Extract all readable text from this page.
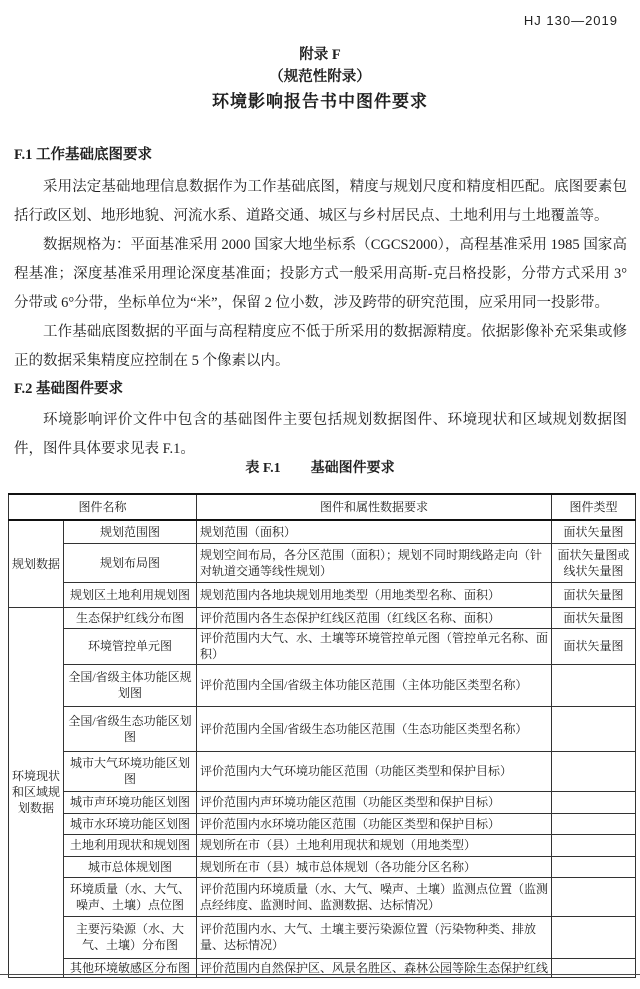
HJ 130—2019
附录 F
（规范性附录）
环境影响报告书中图件要求
F.1 工作基础底图要求

采用法定基础地理信息数据作为工作基础底图，精度与规划尺度和精度相匹配。底图要素包括行政区划、地形地貌、河流水系、道路交通、城区与乡村居民点、土地利用与土地覆盖等。

数据规格为：平面基准采用 2000 国家大地坐标系（CGCS2000），高程基准采用 1985 国家高程基准；深度基准采用理论深度基准面；投影方式一般采用高斯-克吕格投影，分带方式采用 3°分带或 6°分带，坐标单位为“米”，保留 2 位小数，涉及跨带的研究范围，应采用同一投影带。

工作基础底图数据的平面与高程精度应不低于所采用的数据源精度。依据影像补充采集或修正的数据采集精度应控制在 5 个像素以内。

F.2 基础图件要求

环境影响评价文件中包含的基础图件主要包括规划数据图件、环境现状和区域规划数据图件，图件具体要求见表 F.1。

表 F.1 基础图件要求
图件名称		图件和属性数据要求	图件类型
规划数据	规划范围图	规划范围（面积）	面状矢量图
	规划布局图	规划空间布局，各分区范围（面积）；规划不同时期线路走向（针对轨道交通等线性规划）	面状矢量图或线状矢量图
	规划区土地利用规划图	规划范围内各地块规划用地类型（用地类型名称、面积）	面状矢量图
环境现状和区域规划数据	生态保护红线分布图	评价范围内各生态保护红线区范围（红线区名称、面积）	面状矢量图
	环境管控单元图	评价范围内大气、水、土壤等环境管控单元图（管控单元名称、面积）	面状矢量图
	全国/省级主体功能区规划图	评价范围内全国/省级主体功能区范围（主体功能区类型名称）	
	全国/省级生态功能区划图	评价范围内全国/省级生态功能区范围（生态功能区类型名称）	
	城市大气环境功能区划图	评价范围内大气环境功能区范围（功能区类型和保护目标）	
	城市声环境功能区划图	评价范围内声环境功能区范围（功能区类型和保护目标）	
	城市水环境功能区划图	评价范围内水环境功能区范围（功能区类型和保护目标）	
	土地利用现状和规划图	规划所在市（县）土地利用现状和规划（用地类型）	
	城市总体规划图	规划所在市（县）城市总体规划（各功能分区名称）	
	环境质量（水、大气、噪声、土壤）点位图	评价范围内环境质量（水、大气、噪声、土壤）监测点位置（监测点经纬度、监测时间、监测数据、达标情况）	
	主要污染源（水、大气、土壤）分布图	评价范围内水、大气、土壤主要污染源位置（污染物种类、排放量、达标情况）	
	其他环境敏感区分布图	评价范围内自然保护区、风景名胜区、森林公园等除生态保护红线	
